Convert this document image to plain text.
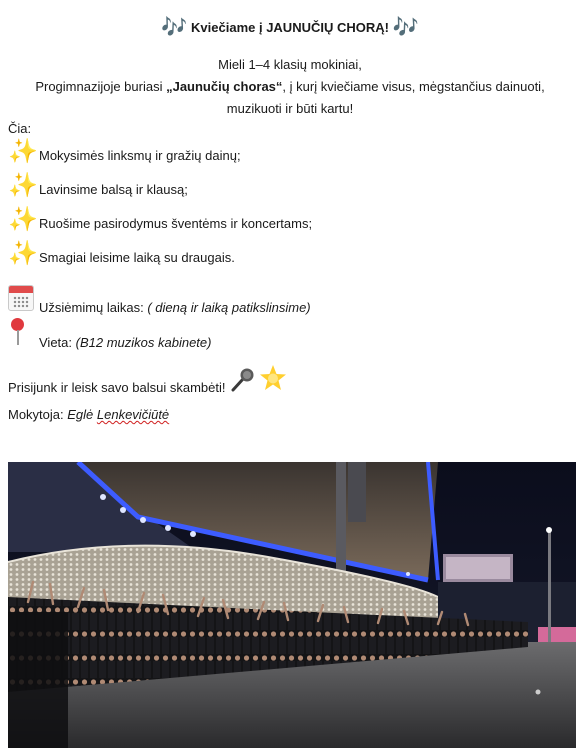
🎶 Kviečiame į JAUNUČIŲ CHORĄ! 🎶

Mieli 1–4 klasių mokiniai,

Progimnazijoje buriasi „Jaunučių choras“, į kurį kviečiame visus, mėgstančius dainuoti,

muzikuoti ir būti kartu!

Čia:
✨ Mokysimės linksmų ir gražių dainų;
✨ Lavinsime balsą ir klausą;
✨ Ruošime pasirodymus šventėms ir koncertams;
✨ Smagiai leisime laiką su draugais.
Užsiėmimų laikas: ( dieną ir laiką patikslinsime)
Vieta: (B12 muzikos kabinete)
Prisijunk ir leisk savo balsui skambėti!
Mokytoja: Eglė Lenkevičiūtė
